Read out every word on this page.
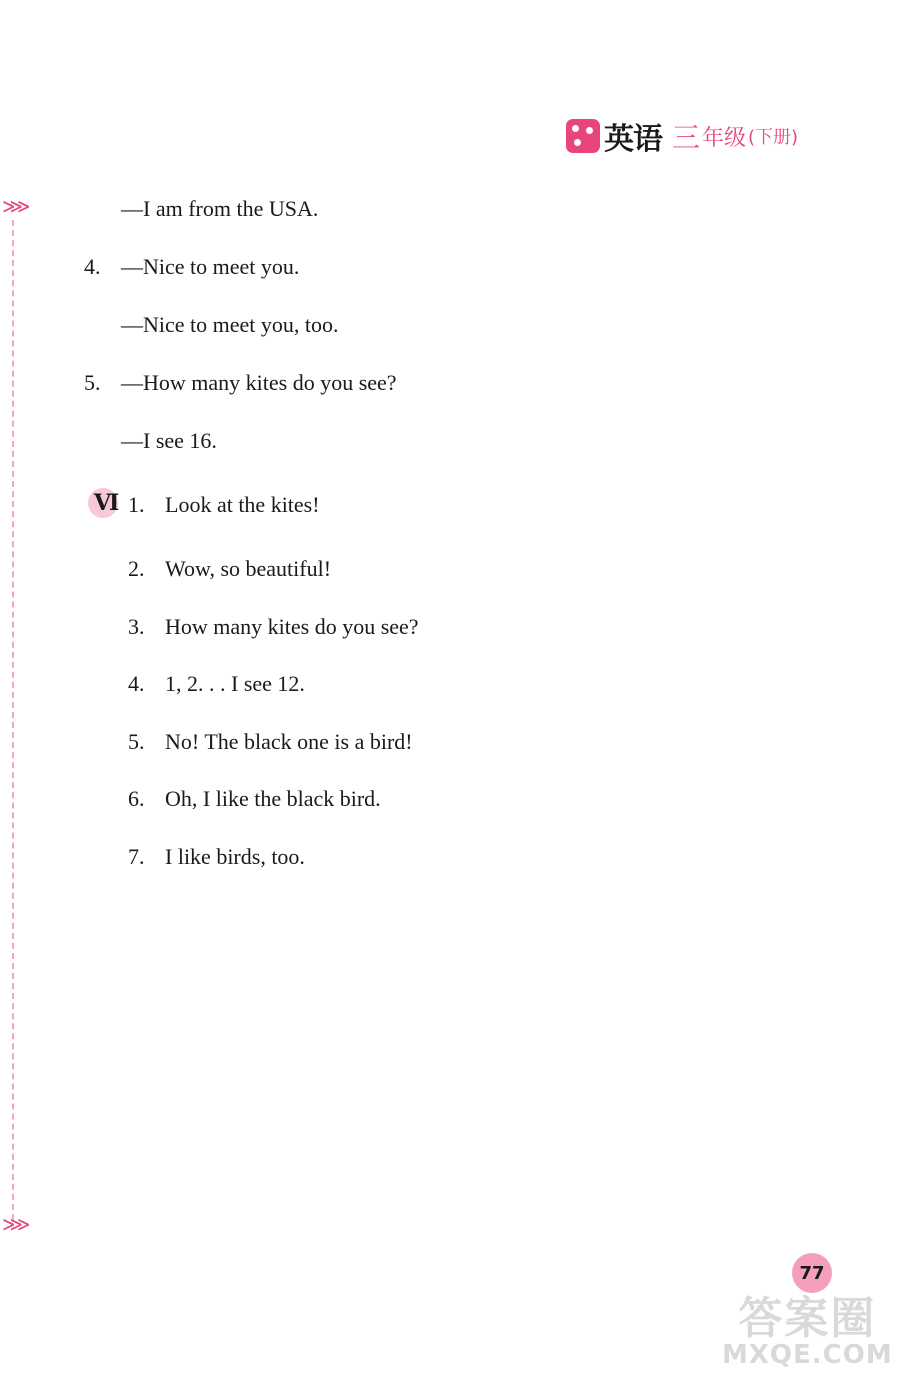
英语 三 年级 (下册)
⋙
⋙
—I am from the USA.
4. —Nice to meet you.
—Nice to meet you, too.
5. —How many kites do you see?
—I see 16.
Ⅵ 1. Look at the kites!
2. Wow, so beautiful!
3. How many kites do you see?
4. 1, 2. . . I see 12.
5. No! The black one is a bird!
6. Oh, I like the black bird.
7. I like birds, too.
77
答案圈
MXQE.COM
